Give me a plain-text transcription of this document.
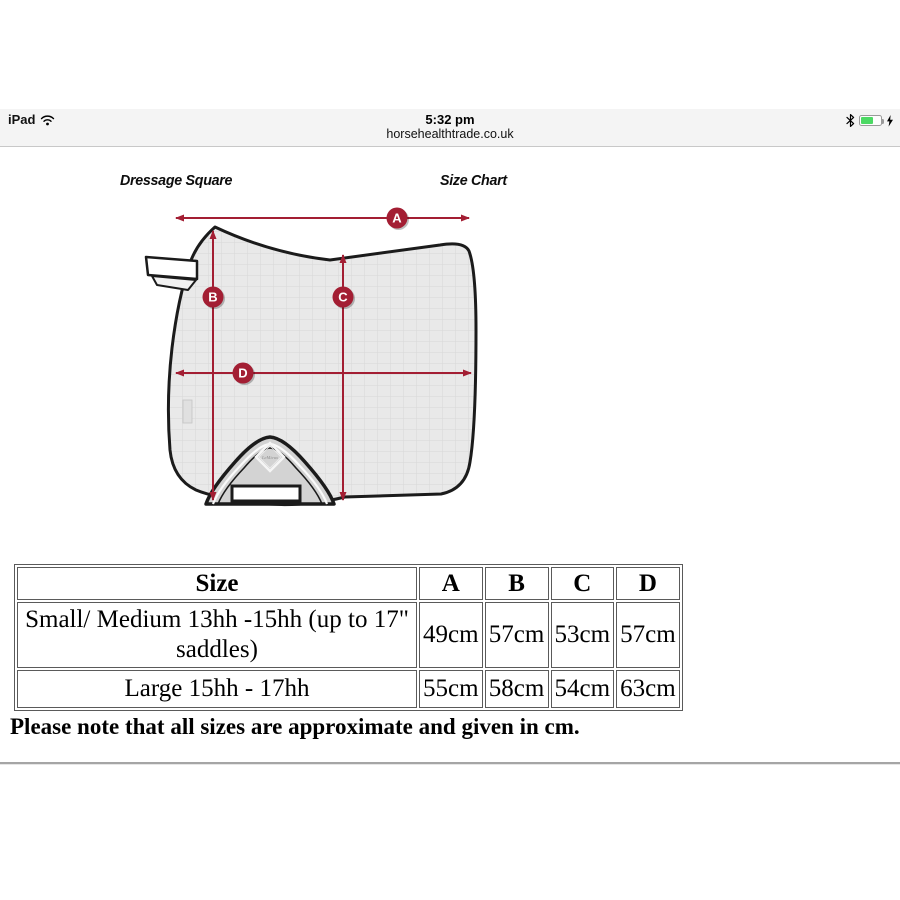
iPad	5:32 pm
horsehealthtrade.co.uk
Dressage Square	Size Chart
LeMieux
A
B	C
D
Size	A	B	C	D
Small/ Medium 13hh -15hh (up to 17" saddles)	49cm	57cm	53cm	57cm
Large 15hh - 17hh	55cm	58cm	54cm	63cm
Please note that all sizes are approximate and given in cm.
